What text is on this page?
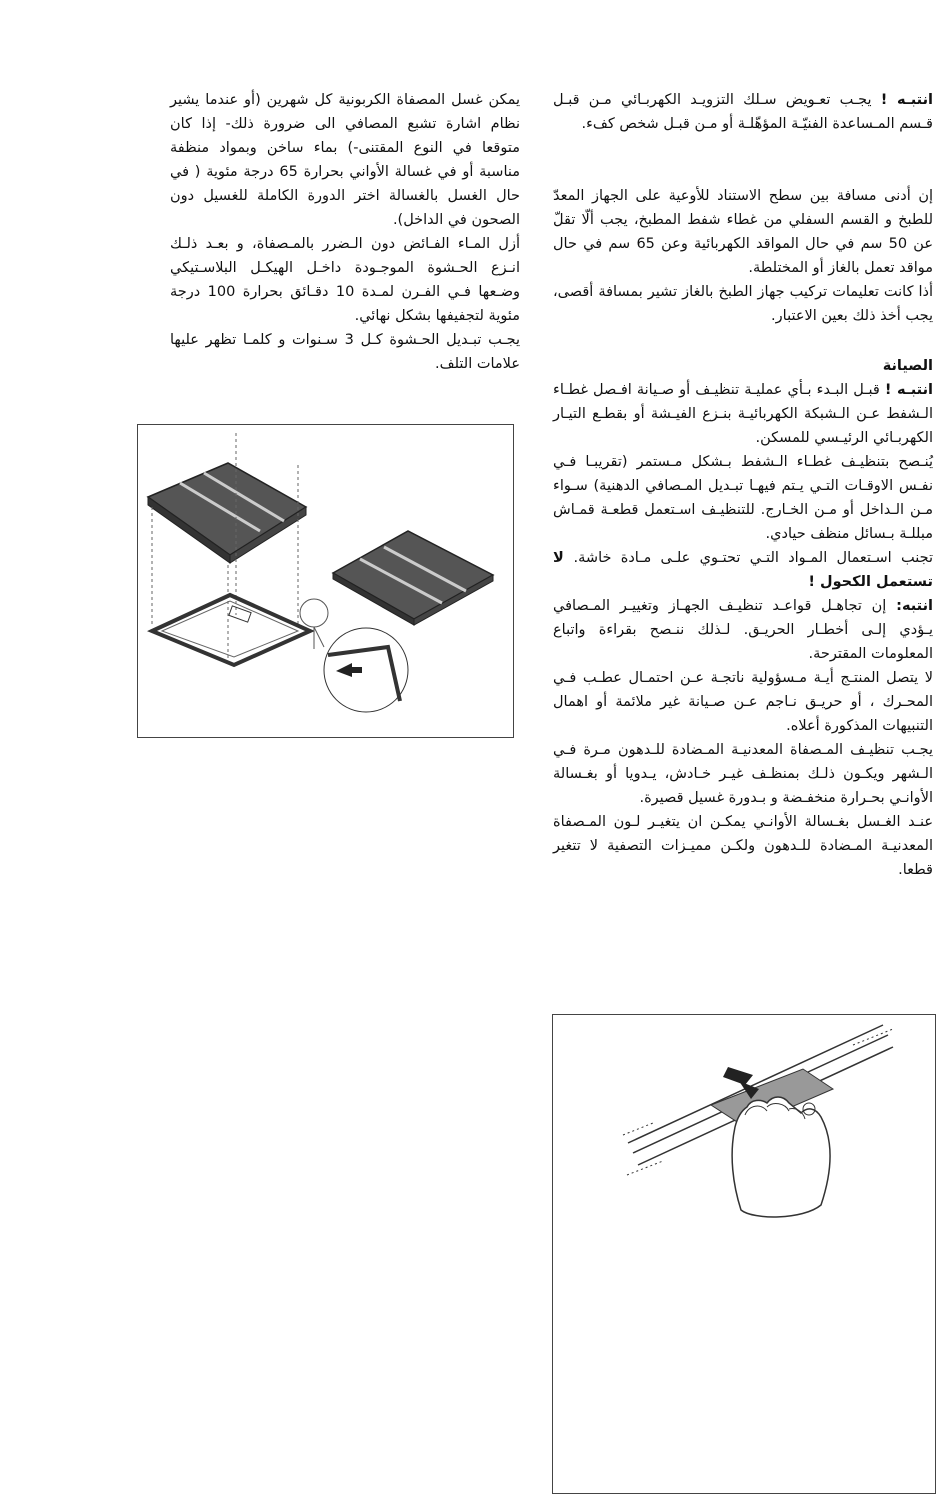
انتبـه ! يجـب تعـويض سـلك التزويـد الكهربـائي مـن قبـل قـسم المـساعدة الفنيّـة المؤهّلـة أو مـن قبـل شخص كفء.

إن أدنى مسافة بين سطح الاستناد للأوعية على الجهاز المعدّ للطبخ و القسم السفلي من غطاء شفط المطبخ، يجب ألّا تقلّ عن 50 سم في حال المواقد الكهربائية وعن 65 سم في حال مواقد تعمل بالغاز أو المختلطة.

أذا كانت تعليمات تركيب جهاز الطبخ بالغاز تشير بمسافة أقصى، يجب أخذ ذلك بعين الاعتبار.

الصيانة

انتبـه ! قبـل البـدء بـأي عمليـة تنظيـف أو صـيانة افـصل غطـاء الـشفط عـن الـشبكة الكهربائيـة بنـزع الفيـشة أو بقطـع التيـار الكهربـائي الرئيـسي للمسكن.

يُنـصح بتنظيـف غطـاء الـشفط بـشكل مـستمر (تقريبـا فـي نفـس الاوقـات التـي يـتم فيهـا تبـديل المـصافي الدهنية) سـواء مـن الـداخل أو مـن الخـارج. للتنظيـف اسـتعمل قطعـة قمـاش مبللـة بـسائل منظف حيادي.

تجنب اسـتعمال المـواد التـي تحتـوي علـى مـادة خاشة. لا تستعمل الكحول !

انتبه: إن تجاهـل قواعـد تنظيـف الجهـاز وتغييـر المـصافي يـؤدي إلـى أخطـار الحريـق. لـذلك ننـصح بقراءة واتباع المعلومات المقترحة.

لا يتصل المنتـج أيـة مـسؤولية ناتجـة عـن احتمـال عطـب فـي المحـرك ، أو حريـق نـاجم عـن صـيانة غير ملائمة أو اهمال التنبيهات المذكورة أعلاه.

يجـب تنظيـف المـصفاة المعدنيـة المـضادة للـدهون مـرة فـي الـشهر ويكـون ذلـك بمنظـف غيـر خـادش، يـدويا أو بغـسالة الأوانـي بحـرارة منخفـضة و بـدورة غسيل قصيرة.

عنـد الغـسل بغـسالة الأوانـي يمكـن ان يتغيـر لـون المـصفاة المعدنيـة المـضادة للـدهون ولكـن مميـزات التصفية لا تتغير قطعا.

يمكن غسل المصفاة الكربونية كل شهرين (أو عندما يشير نظام اشارة تشبع المصافي الى ضرورة ذلك- إذا كان متوقعا في النوع المقتنى-) بماء ساخن وبمواد منظفة مناسبة أو في غسالة الأواني بحرارة 65 درجة مئوية ( في حال الغسل بالغسالة اختر الدورة الكاملة للغسيل دون الصحون في الداخل).

أزل المـاء الفـائض دون الـضرر بالمـصفاة، و بعـد ذلـك انـزع الحـشوة الموجـودة داخـل الهيكـل البلاسـتيكي وضـعها فـي الفـرن لمـدة 10 دقـائق بحرارة 100 درجة مئوية لتجفيفها بشكل نهائي.

يجـب تبـديل الحـشوة كـل 3 سـنوات و كلمـا تظهر عليها علامات التلف.
